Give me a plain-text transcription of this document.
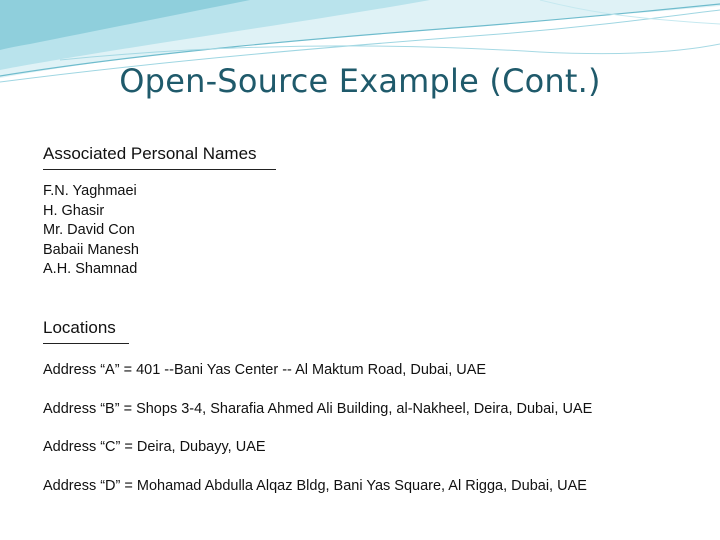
Open-Source Example (Cont.)
Associated Personal Names
F.N. Yaghmaei
H. Ghasir
Mr. David Con
Babaii Manesh
A.H. Shamnad
Locations
Address “A” = 401 --Bani Yas Center -- Al Maktum Road, Dubai, UAE
Address “B” = Shops 3-4, Sharafia Ahmed Ali Building, al-Nakheel, Deira, Dubai, UAE
Address “C” = Deira, Dubayy, UAE
Address “D” = Mohamad Abdulla Alqaz Bldg, Bani Yas Square, Al Rigga, Dubai, UAE
